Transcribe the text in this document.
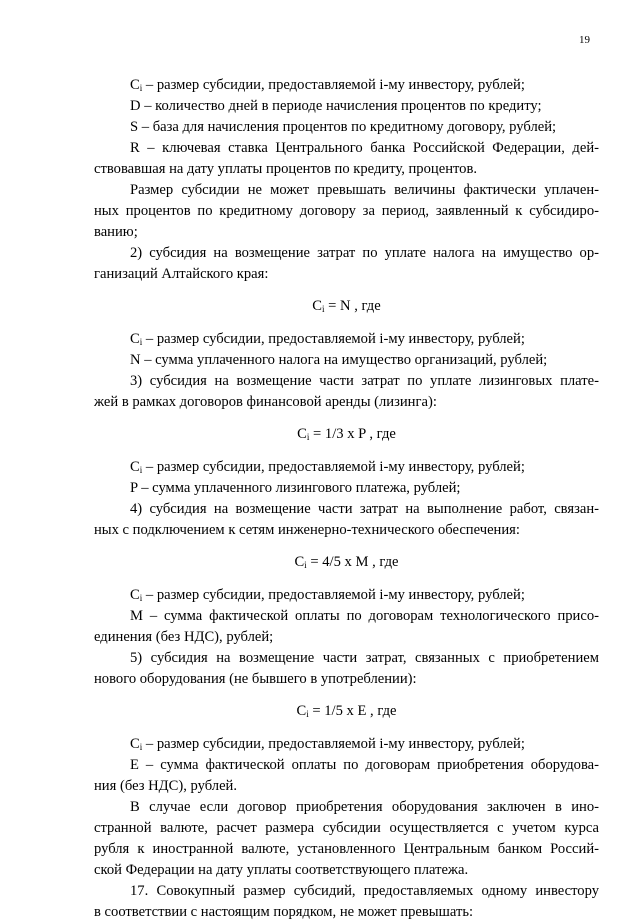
19
$C_i$ – размер субсидии, предоставляемой i-му инвестору, рублей;
D – количество дней в периоде начисления процентов по кредиту;
S – база для начисления процентов по кредитному договору, рублей;
R – ключевая ставка Центрального банка Российской Федерации, дей-
ствовавшая на дату уплаты процентов по кредиту, процентов.
Размер субсидии не может превышать величины фактически уплачен-
ных процентов по кредитному договору за период, заявленный к субсидиро-
ванию;
2) субсидия на возмещение затрат по уплате налога на имущество ор-
ганизаций Алтайского края:
$C_i = N$ , где
$C_i$ – размер субсидии, предоставляемой i-му инвестору, рублей;
N – сумма уплаченного налога на имущество организаций, рублей;
3) субсидия на возмещение части затрат по уплате лизинговых плате-
жей в рамках договоров финансовой аренды (лизинга):
$C_i = 1/3$ x P , где
$C_i$ – размер субсидии, предоставляемой i-му инвестору, рублей;
P – сумма уплаченного лизингового платежа, рублей;
4) субсидия на возмещение части затрат на выполнение работ, связан-
ных с подключением к сетям инженерно-технического обеспечения:
$C_i = 4/5$ x M , где
$C_i$ – размер субсидии, предоставляемой i-му инвестору, рублей;
M – сумма фактической оплаты по договорам технологического присо-
единения (без НДС), рублей;
5) субсидия на возмещение части затрат, связанных с приобретением
нового оборудования (не бывшего в употреблении):
$C_i = 1/5$ x E , где
$C_i$ – размер субсидии, предоставляемой i-му инвестору, рублей;
E – сумма фактической оплаты по договорам приобретения оборудова-
ния (без НДС), рублей.
В случае если договор приобретения оборудования заключен в ино-
странной валюте, расчет размера субсидии осуществляется с учетом курса
рубля к иностранной валюте, установленного Центральным банком Россий-
ской Федерации на дату уплаты соответствующего платежа.
17. Совокупный размер субсидий, предоставляемых одному инвестору
в соответствии с настоящим порядком, не может превышать:
